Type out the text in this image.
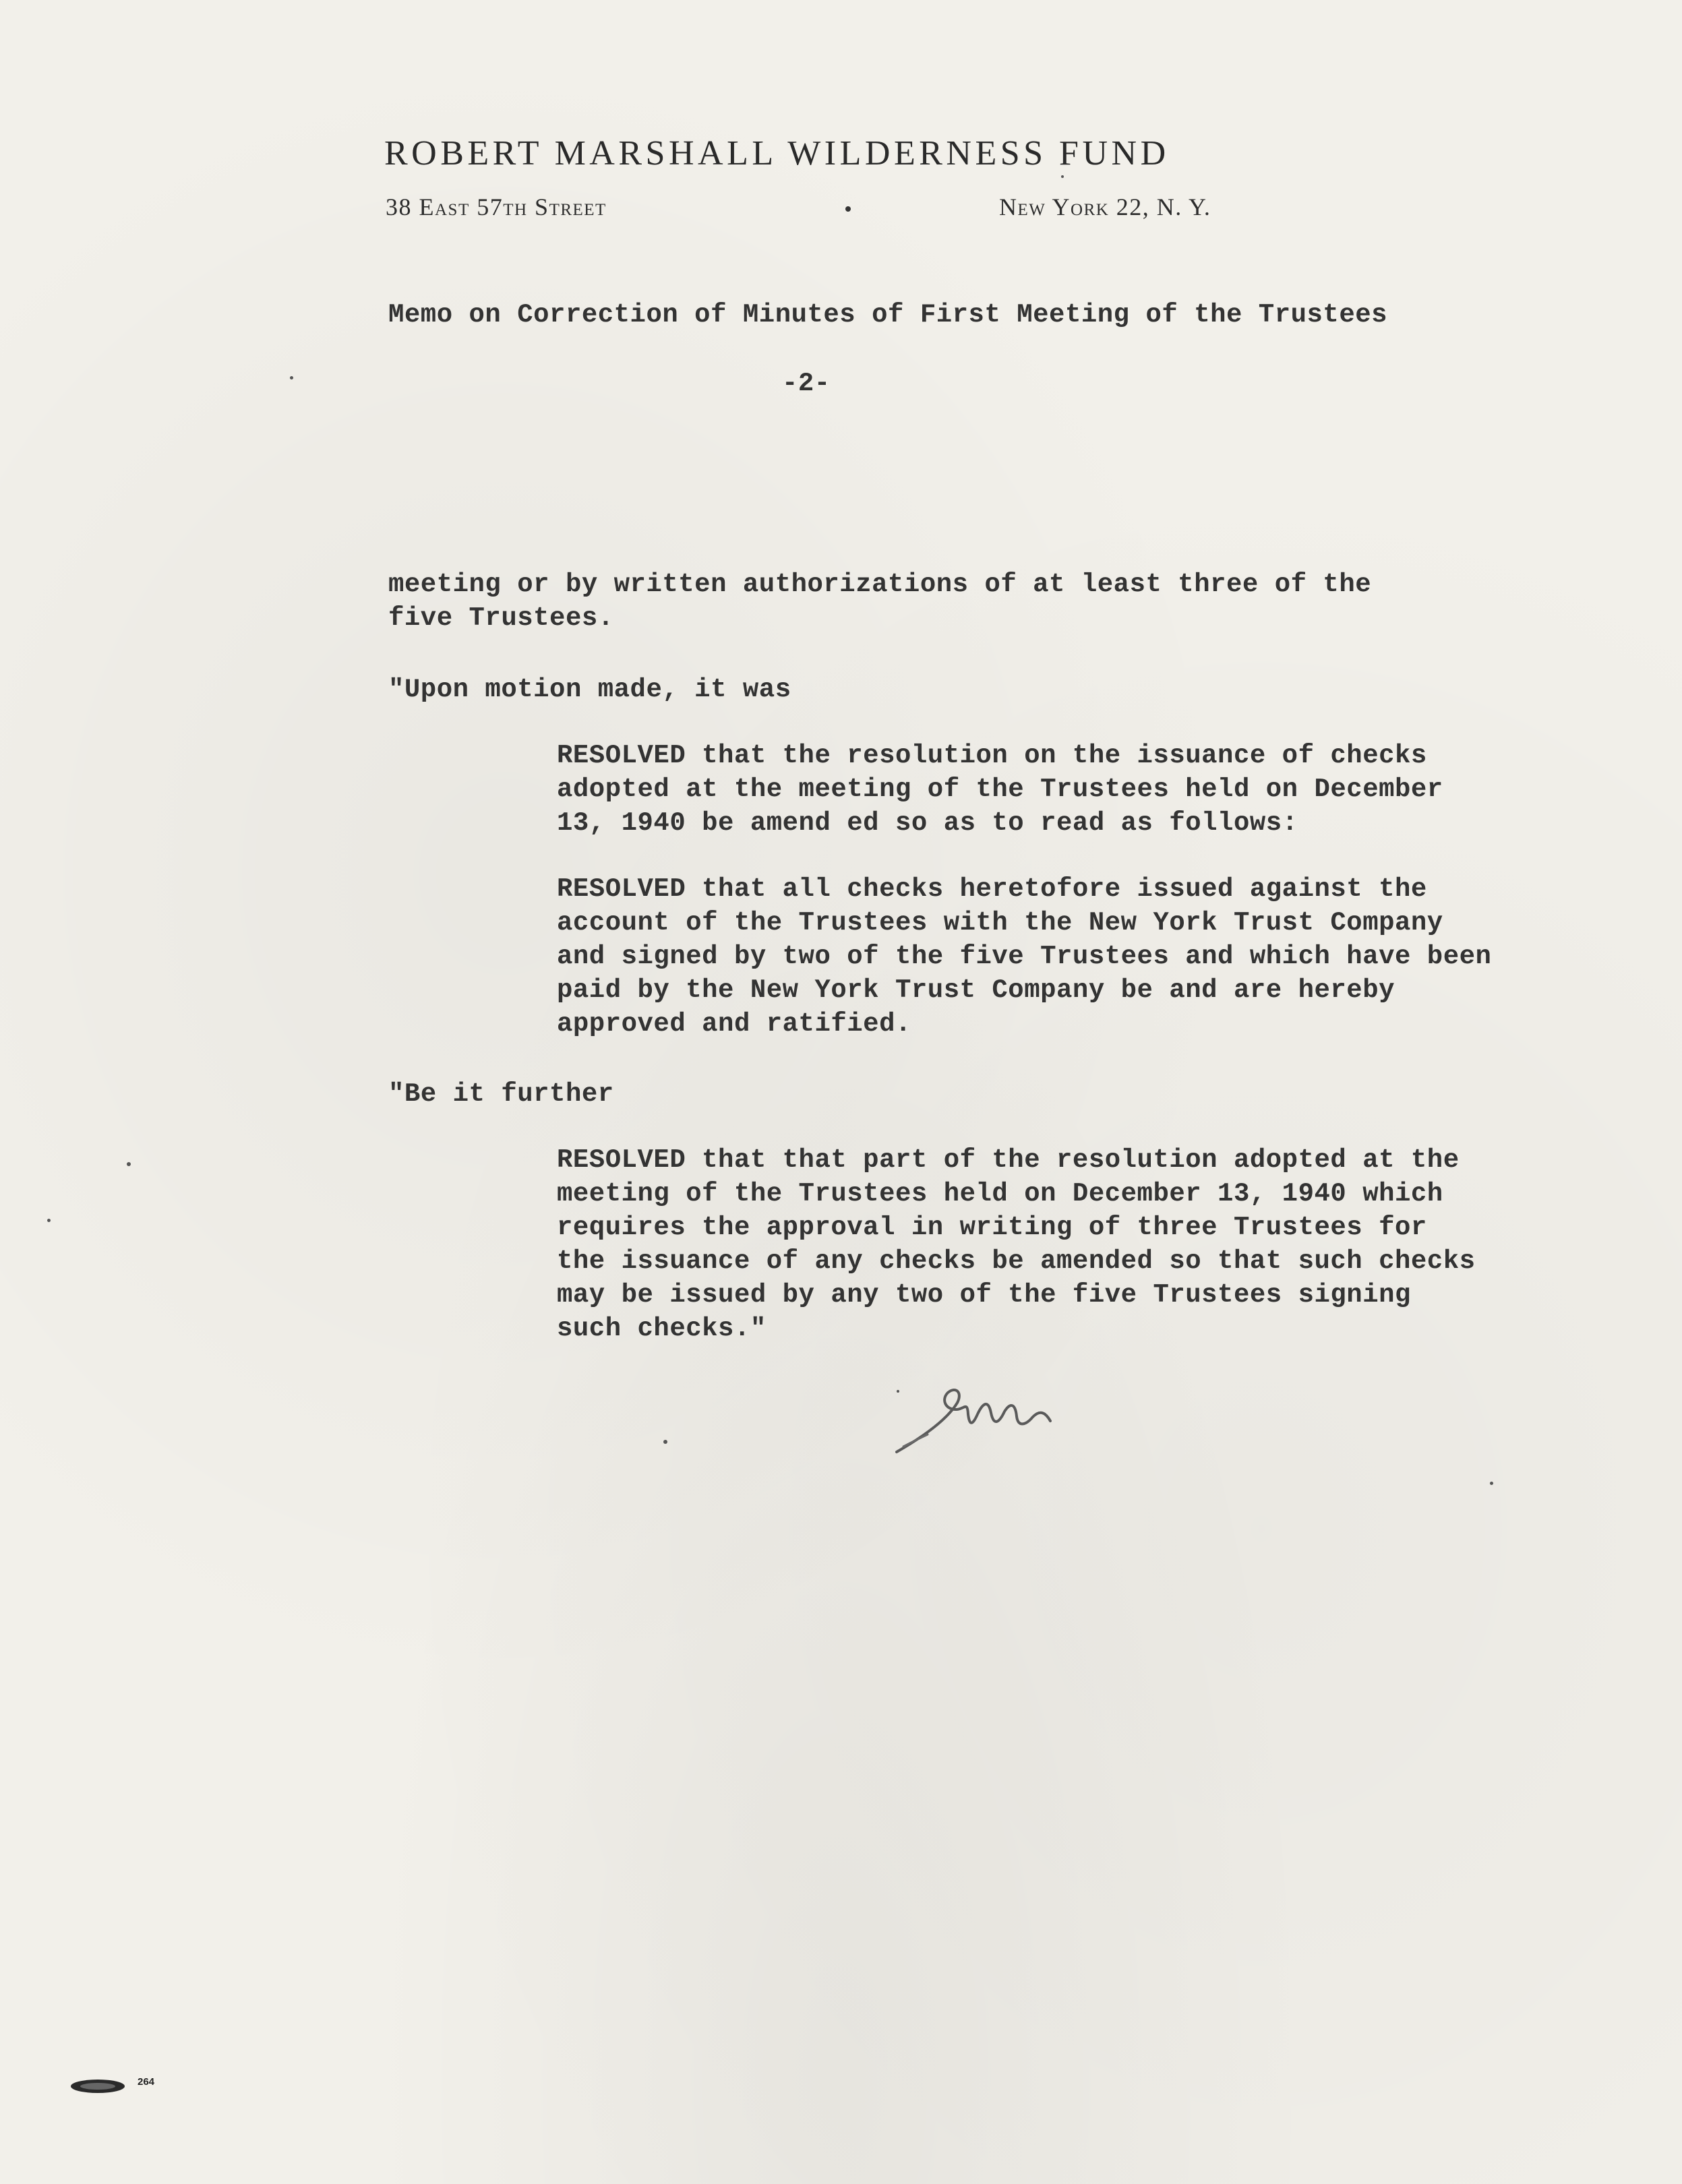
ROBERT MARSHALL WILDERNESS FUND
38 East 57th Street	New York 22, N. Y.
Memo on Correction of Minutes of First Meeting of the Trustees
-2-
meeting or by written authorizations of at least three of the
five Trustees.
"Upon motion made, it was
RESOLVED that the resolution on the issuance of checks
adopted at the meeting of the Trustees held on December
13, 1940 be amend ed so as to read as follows:
RESOLVED that all checks heretofore issued against the
account of the Trustees with the New York Trust Company
and signed by two of the five Trustees and which have been
paid by the New York Trust Company be and are hereby
approved and ratified.
"Be it further
RESOLVED that that part of the resolution adopted at the
meeting of the Trustees held on December 13, 1940 which
requires the approval in writing of three Trustees for
the issuance of any checks be amended so that such checks
may be issued by any two of the five Trustees signing
such checks."
264
